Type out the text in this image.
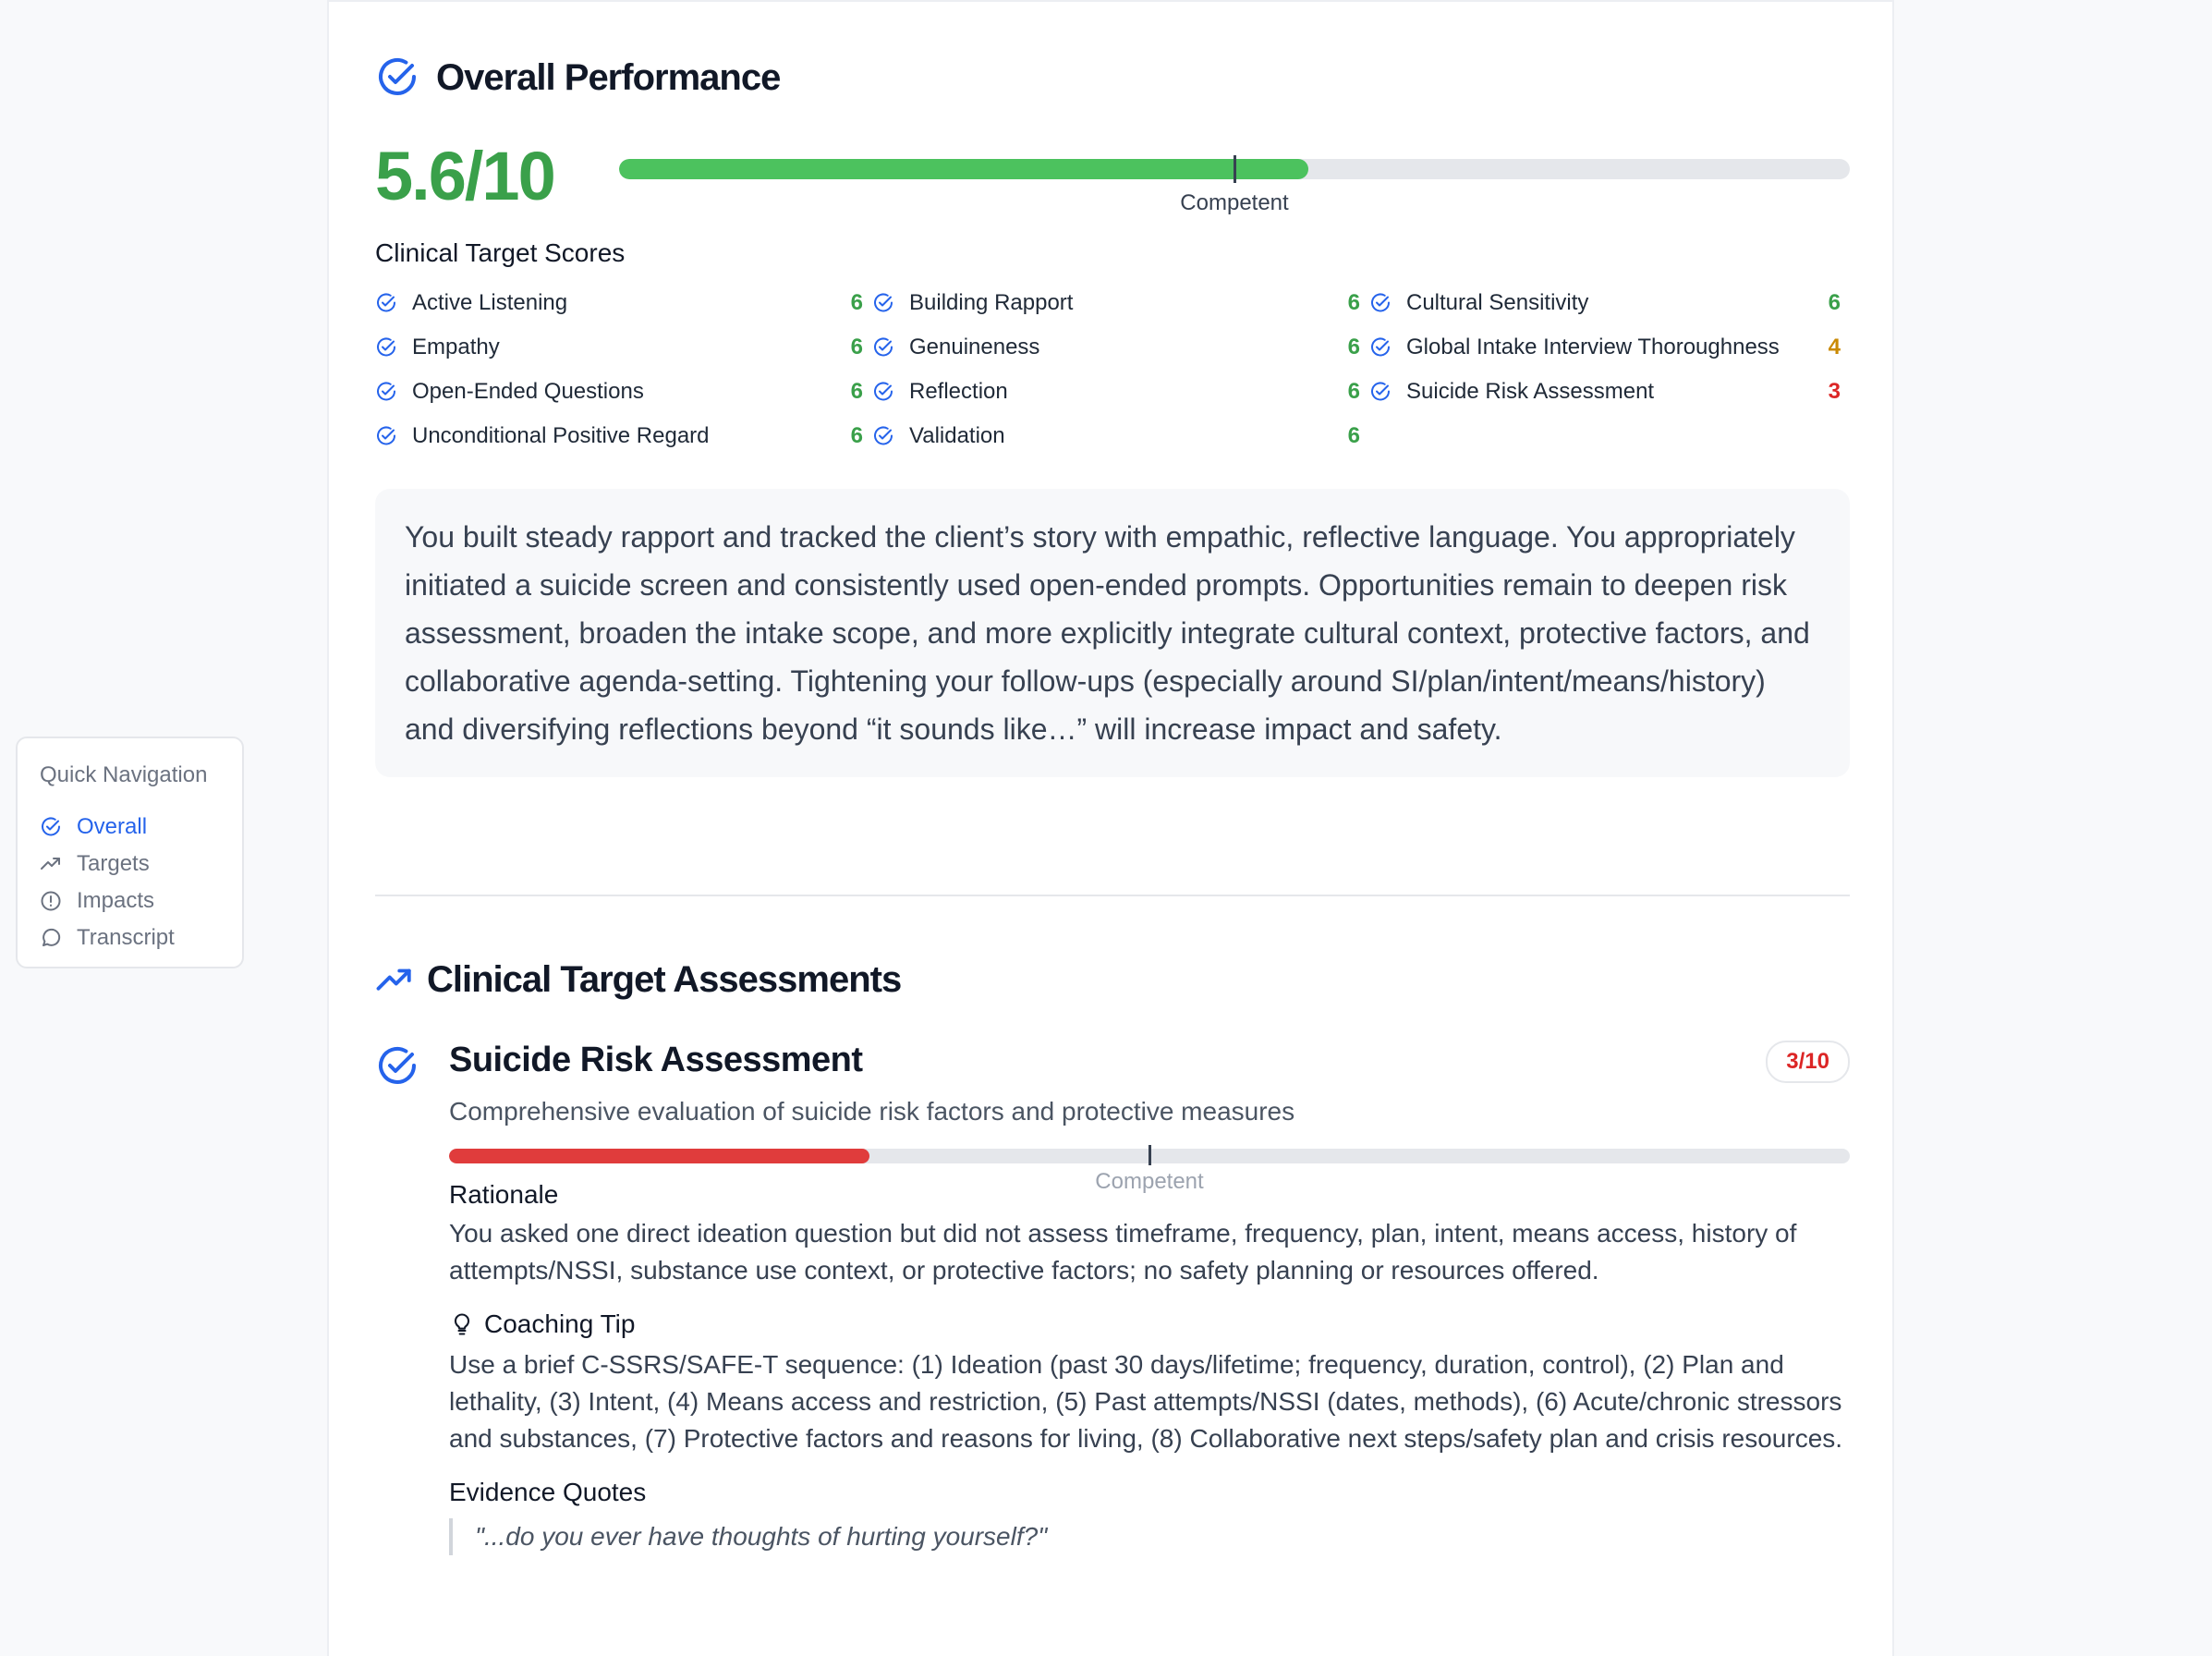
Quick Navigation
Overall
Targets
Impacts
Transcript
Overall Performance
5.6/10	Competent
Clinical Target Scores
Active Listening	6	Building Rapport	6	Cultural Sensitivity	6
Empathy	6	Genuineness	6	Global Intake Interview Thoroughness	4
Open-Ended Questions	6	Reflection	6	Suicide Risk Assessment	3
Unconditional Positive Regard	6	Validation	6
You built steady rapport and tracked the client’s story with empathic, reflective language. You appropriately initiated a suicide screen and consistently used open-ended prompts. Opportunities remain to deepen risk assessment, broaden the intake scope, and more explicitly integrate cultural context, protective factors, and collaborative agenda-setting. Tightening your follow-ups (especially around SI/plan/intent/means/history) and diversifying reflections beyond “it sounds like…” will increase impact and safety.
Clinical Target Assessments
3/10
Suicide Risk Assessment
Comprehensive evaluation of suicide risk factors and protective measures
Competent
Rationale

You asked one direct ideation question but did not assess timeframe, frequency, plan, intent, means access, history of attempts/NSSI, substance use context, or protective factors; no safety planning or resources offered.

Coaching Tip

Use a brief C-SSRS/SAFE-T sequence: (1) Ideation (past 30 days/lifetime; frequency, duration, control), (2) Plan and lethality, (3) Intent, (4) Means access and restriction, (5) Past attempts/NSSI (dates, methods), (6) Acute/chronic stressors and substances, (7) Protective factors and reasons for living, (8) Collaborative next steps/safety plan and crisis resources.

Evidence Quotes
"...do you ever have thoughts of hurting yourself?"
